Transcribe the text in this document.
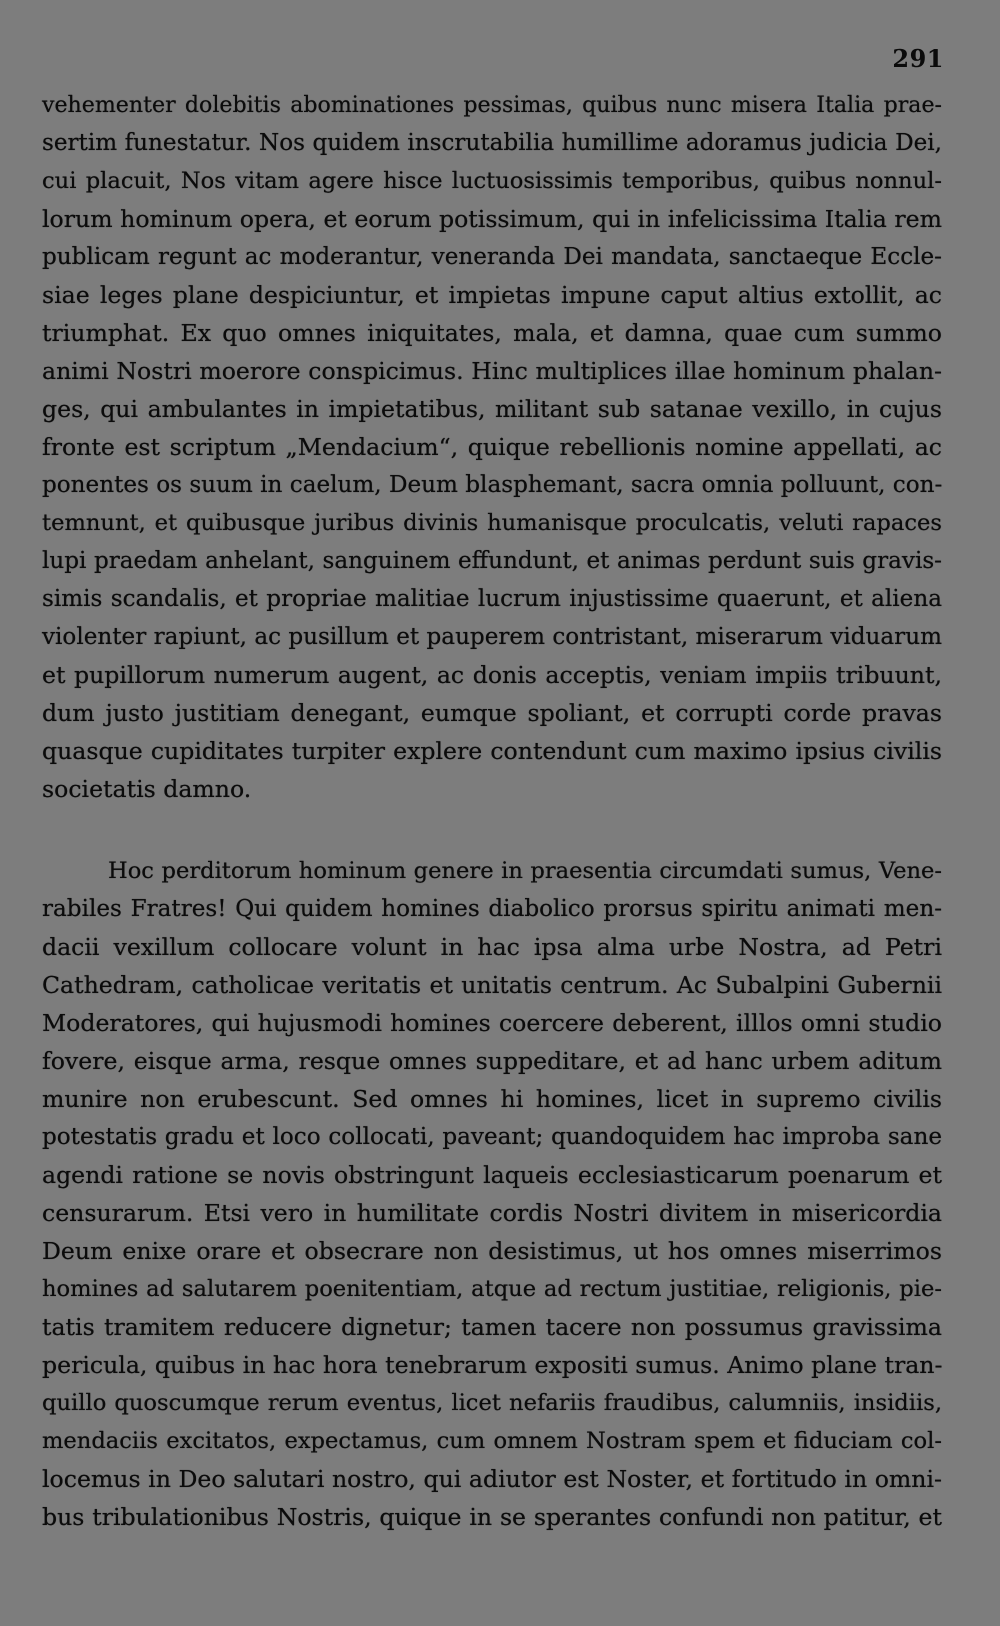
291
vehementer dolebitis abominationes pessimas, quibus nunc misera Italia prae-
sertim funestatur. Nos quidem inscrutabilia humillime adoramus judicia Dei,
cui placuit, Nos vitam agere hisce luctuosissimis temporibus, quibus nonnul-
lorum hominum opera, et eorum potissimum, qui in infelicissima Italia rem
publicam regunt ac moderantur, veneranda Dei mandata, sanctaeque Eccle-
siae leges plane despiciuntur, et impietas impune caput altius extollit, ac
triumphat. Ex quo omnes iniquitates, mala, et damna, quae cum summo
animi Nostri moerore conspicimus. Hinc multiplices illae hominum phalan-
ges, qui ambulantes in impietatibus, militant sub satanae vexillo, in cujus
fronte est scriptum „Mendacium“, quique rebellionis nomine appellati, ac
ponentes os suum in caelum, Deum blasphemant, sacra omnia polluunt, con-
temnunt, et quibusque juribus divinis humanisque proculcatis, veluti rapaces
lupi praedam anhelant, sanguinem effundunt, et animas perdunt suis gravis-
simis scandalis, et propriae malitiae lucrum injustissime quaerunt, et aliena
violenter rapiunt, ac pusillum et pauperem contristant, miserarum viduarum
et pupillorum numerum augent, ac donis acceptis, veniam impiis tribuunt,
dum justo justitiam denegant, eumque spoliant, et corrupti corde pravas
quasque cupiditates turpiter explere contendunt cum maximo ipsius civilis
societatis damno.
Hoc perditorum hominum genere in praesentia circumdati sumus, Vene-
rabiles Fratres! Qui quidem homines diabolico prorsus spiritu animati men-
dacii vexillum collocare volunt in hac ipsa alma urbe Nostra, ad Petri
Cathedram, catholicae veritatis et unitatis centrum. Ac Subalpini Gubernii
Moderatores, qui hujusmodi homines coercere deberent, illlos omni studio
fovere, eisque arma, resque omnes suppeditare, et ad hanc urbem aditum
munire non erubescunt. Sed omnes hi homines, licet in supremo civilis
potestatis gradu et loco collocati, paveant; quandoquidem hac improba sane
agendi ratione se novis obstringunt laqueis ecclesiasticarum poenarum et
censurarum. Etsi vero in humilitate cordis Nostri divitem in misericordia
Deum enixe orare et obsecrare non desistimus, ut hos omnes miserrimos
homines ad salutarem poenitentiam, atque ad rectum justitiae, religionis, pie-
tatis tramitem reducere dignetur; tamen tacere non possumus gravissima
pericula, quibus in hac hora tenebrarum expositi sumus. Animo plane tran-
quillo quoscumque rerum eventus, licet nefariis fraudibus, calumniis, insidiis,
mendaciis excitatos, expectamus, cum omnem Nostram spem et fiduciam col-
locemus in Deo salutari nostro, qui adiutor est Noster, et fortitudo in omni-
bus tribulationibus Nostris, quique in se sperantes confundi non patitur, et
